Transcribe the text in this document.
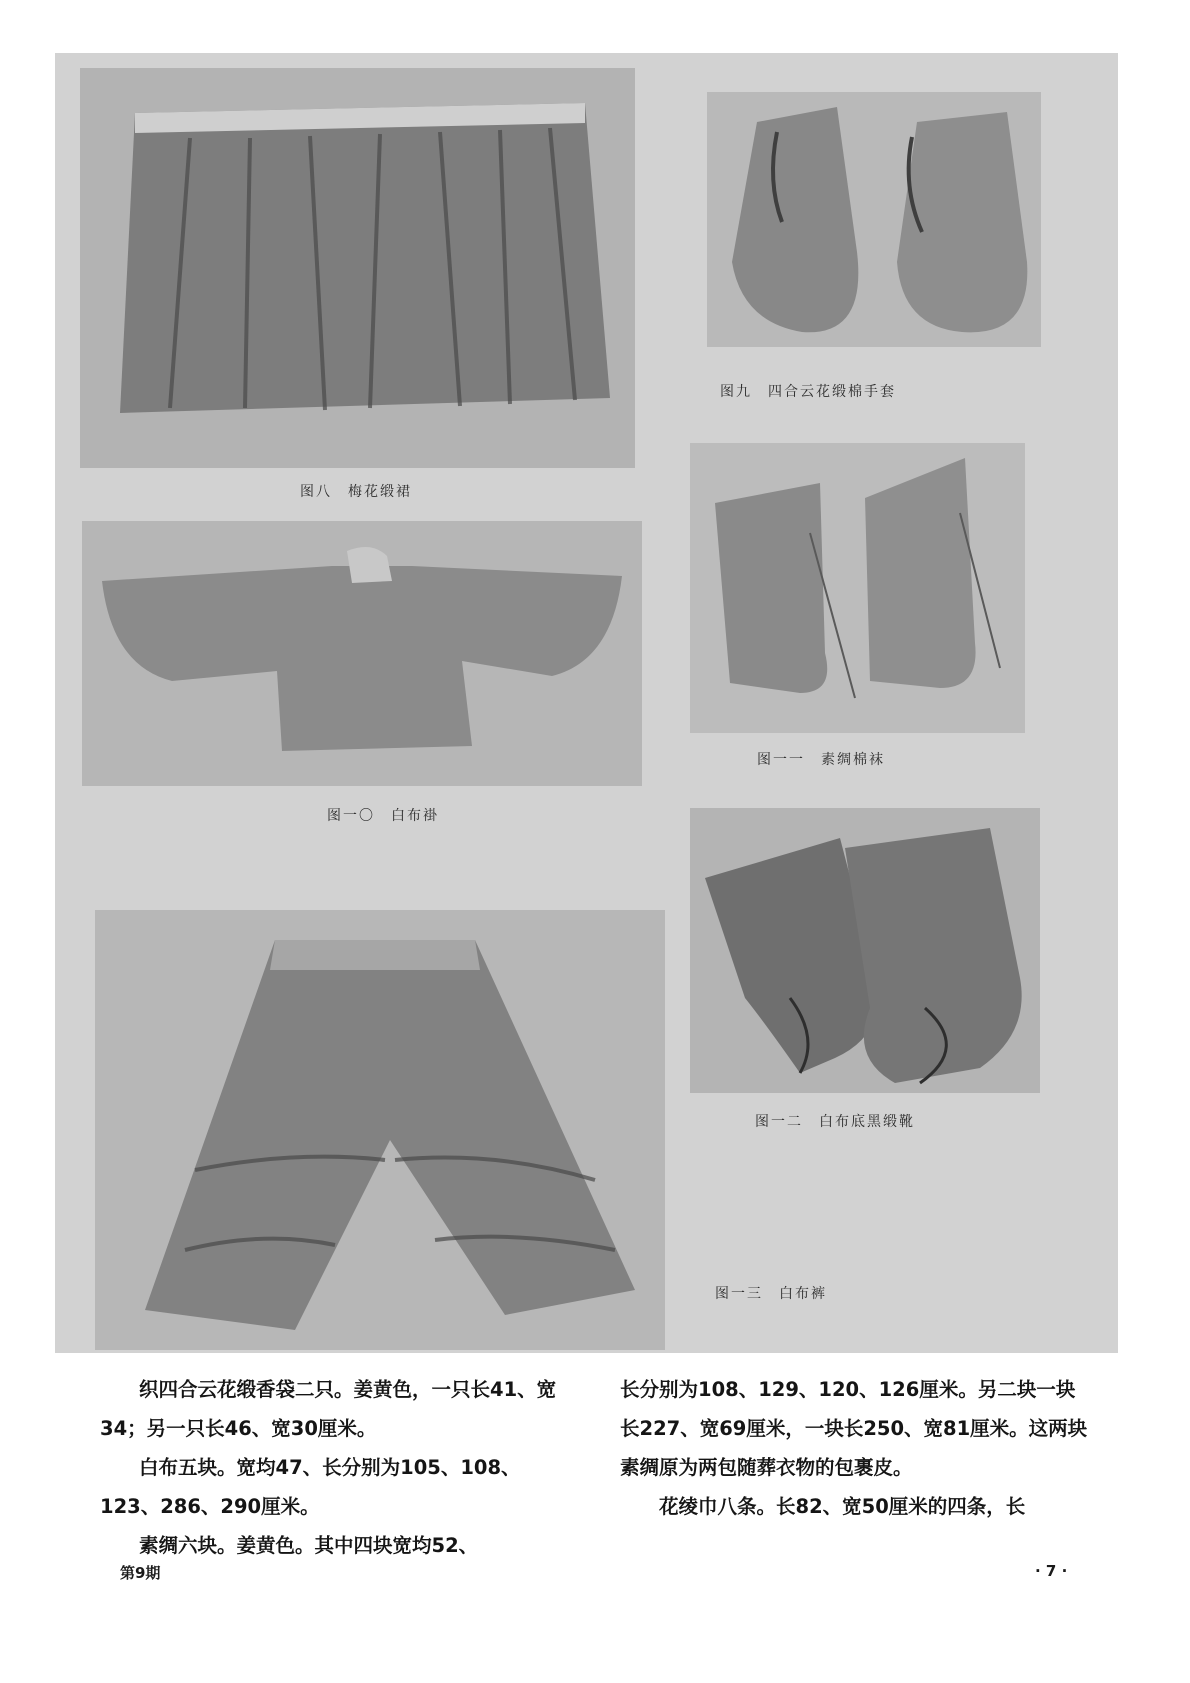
图八　梅花缎裙
图九　四合云花缎棉手套
图一〇　白布褂
图一一　素绸棉袜
图一二　白布底黑缎靴
图一三　白布裤

织四合云花缎香袋二只。姜黄色，一只长41、宽34；另一只长46、宽30厘米。

白布五块。宽均47、长分别为105、108、123、286、290厘米。

素绸六块。姜黄色。其中四块宽均52、

长分别为108、129、120、126厘米。另二块一块长227、宽69厘米，一块长250、宽81厘米。这两块素绸原为两包随葬衣物的包裹皮。

花绫巾八条。长82、宽50厘米的四条，长

第9期	· 7 ·
